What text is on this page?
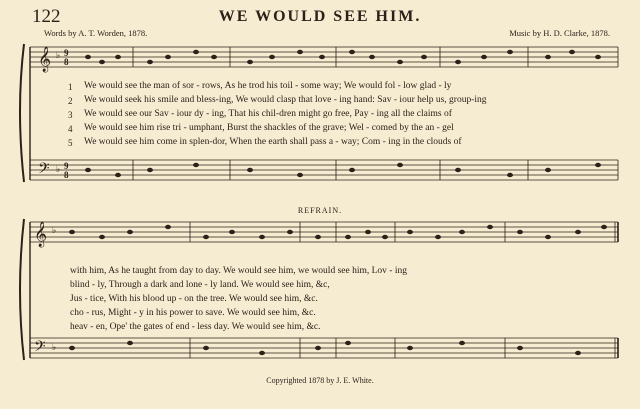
122	WE WOULD SEE HIM.
Words by A. T. Worden, 1878.	Music by H. D. Clarke, 1878.
𝄞 ♭ 9
8
𝄢 ♭ 9
8
1 We would see the man of sor - rows, As he trod his toil - some way; We would fol - low glad - ly
2 We would seek his smile and bless-ing, We would clasp that love - ing hand: Sav - iour help us, group-ing
3 We would see our Sav - iour dy - ing, That his chil-dren might go free, Pay - ing all the claims of
4 We would see him rise tri - umphant, Burst the shackles of the grave; Wel - comed by the an - gel
5 We would see him come in splen-dor, When the earth shall pass a - way; Com - ing in the clouds of
REFRAIN.
𝄞 ♭
𝄢 ♭
with him, As he taught from day to day. We would see him, we would see him, Lov - ing
blind - ly, Through a dark and lone - ly land. We would see him, &c,
Jus - tice, With his blood up - on the tree. We would see him, &c.
cho - rus, Might - y in his power to save. We would see him, &c.
heav - en, Ope' the gates of end - less day. We would see him, &c.
Copyrighted 1878 by J. E. White.
